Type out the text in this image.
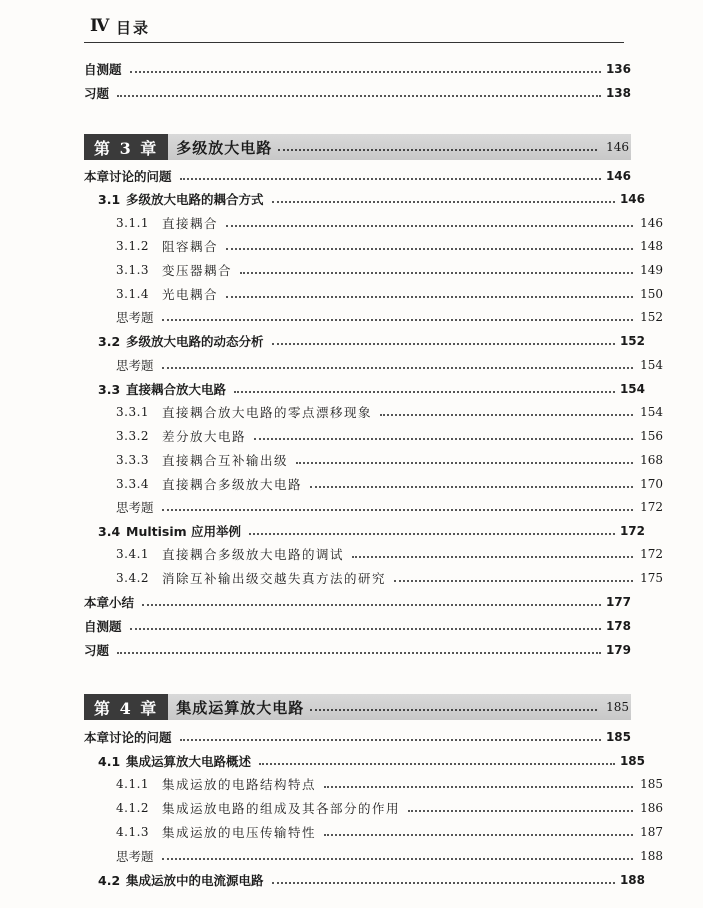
Ⅳ 目录
自测题	136
习题	138
第 3 章	多级放大电路	146
本章讨论的问题	146
3.1 多级放大电路的耦合方式	146
3.1.1	直接耦合	146
3.1.2	阻容耦合	148
3.1.3	变压器耦合	149
3.1.4	光电耦合	150
思考题	152
3.2 多级放大电路的动态分析	152
思考题	154
3.3 直接耦合放大电路	154
3.3.1	直接耦合放大电路的零点漂移现象	154
3.3.2	差分放大电路	156
3.3.3	直接耦合互补输出级	168
3.3.4	直接耦合多级放大电路	170
思考题	172
3.4 Multisim 应用举例	172
3.4.1	直接耦合多级放大电路的调试	172
3.4.2	消除互补输出级交越失真方法的研究	175
本章小结	177
自测题	178
习题	179
第 4 章	集成运算放大电路	185
本章讨论的问题	185
4.1 集成运算放大电路概述	185
4.1.1	集成运放的电路结构特点	185
4.1.2	集成运放电路的组成及其各部分的作用	186
4.1.3	集成运放的电压传输特性	187
思考题	188
4.2 集成运放中的电流源电路	188
